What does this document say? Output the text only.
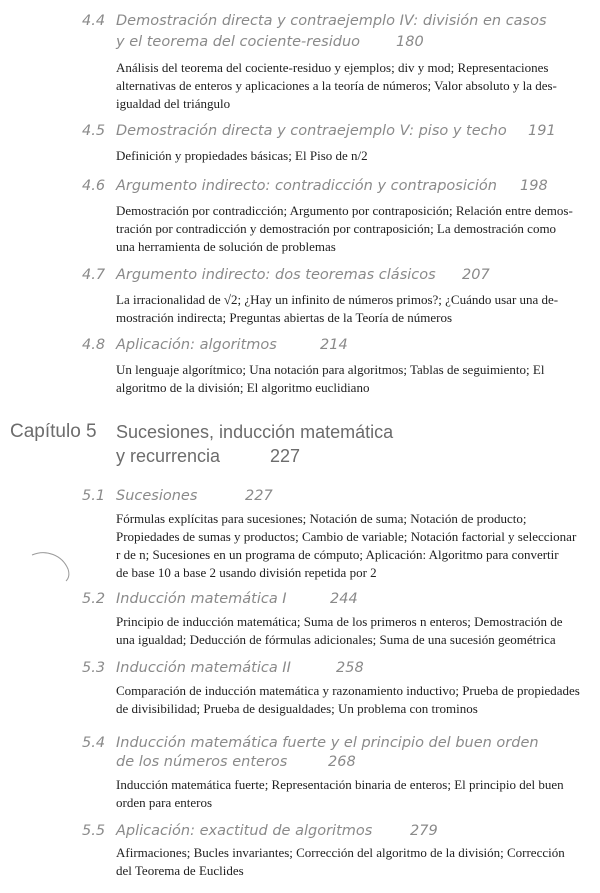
4.4 Demostración directa y contraejemplo IV: división en casos
y el teorema del cociente-residuo 180
Análisis del teorema del cociente-residuo y ejemplos; div y mod; Representaciones
alternativas de enteros y aplicaciones a la teoría de números; Valor absoluto y la des-
igualdad del triángulo
4.5 Demostración directa y contraejemplo V: piso y techo 191
Definición y propiedades básicas; El Piso de n/2
4.6 Argumento indirecto: contradicción y contraposición 198
Demostración por contradicción; Argumento por contraposición; Relación entre demos-
tración por contradicción y demostración por contraposición; La demostración como
una herramienta de solución de problemas
4.7 Argumento indirecto: dos teoremas clásicos 207
La irracionalidad de √2; ¿Hay un infinito de números primos?; ¿Cuándo usar una de-
mostración indirecta; Preguntas abiertas de la Teoría de números
4.8 Aplicación: algoritmos	214
Un lenguaje algorítmico; Una notación para algoritmos; Tablas de seguimiento; El
algoritmo de la división; El algoritmo euclidiano
Capítulo 5 Sucesiones, inducción matemática
y recurrencia	227
5.1 Sucesiones	227
Fórmulas explícitas para sucesiones; Notación de suma; Notación de producto;
Propiedades de sumas y productos; Cambio de variable; Notación factorial y seleccionar
r de n; Sucesiones en un programa de cómputo; Aplicación: Algoritmo para convertir
de base 10 a base 2 usando división repetida por 2
5.2 Inducción matemática I	244
Principio de inducción matemática; Suma de los primeros n enteros; Demostración de
una igualdad; Deducción de fórmulas adicionales; Suma de una sucesión geométrica
5.3 Inducción matemática II	258
Comparación de inducción matemática y razonamiento inductivo; Prueba de propiedades
de divisibilidad; Prueba de desigualdades; Un problema con trominos
5.4 Inducción matemática fuerte y el principio del buen orden
de los números enteros	268
Inducción matemática fuerte; Representación binaria de enteros; El principio del buen
orden para enteros
5.5 Aplicación: exactitud de algoritmos	279
Afirmaciones; Bucles invariantes; Corrección del algoritmo de la división; Corrección
del Teorema de Euclides
